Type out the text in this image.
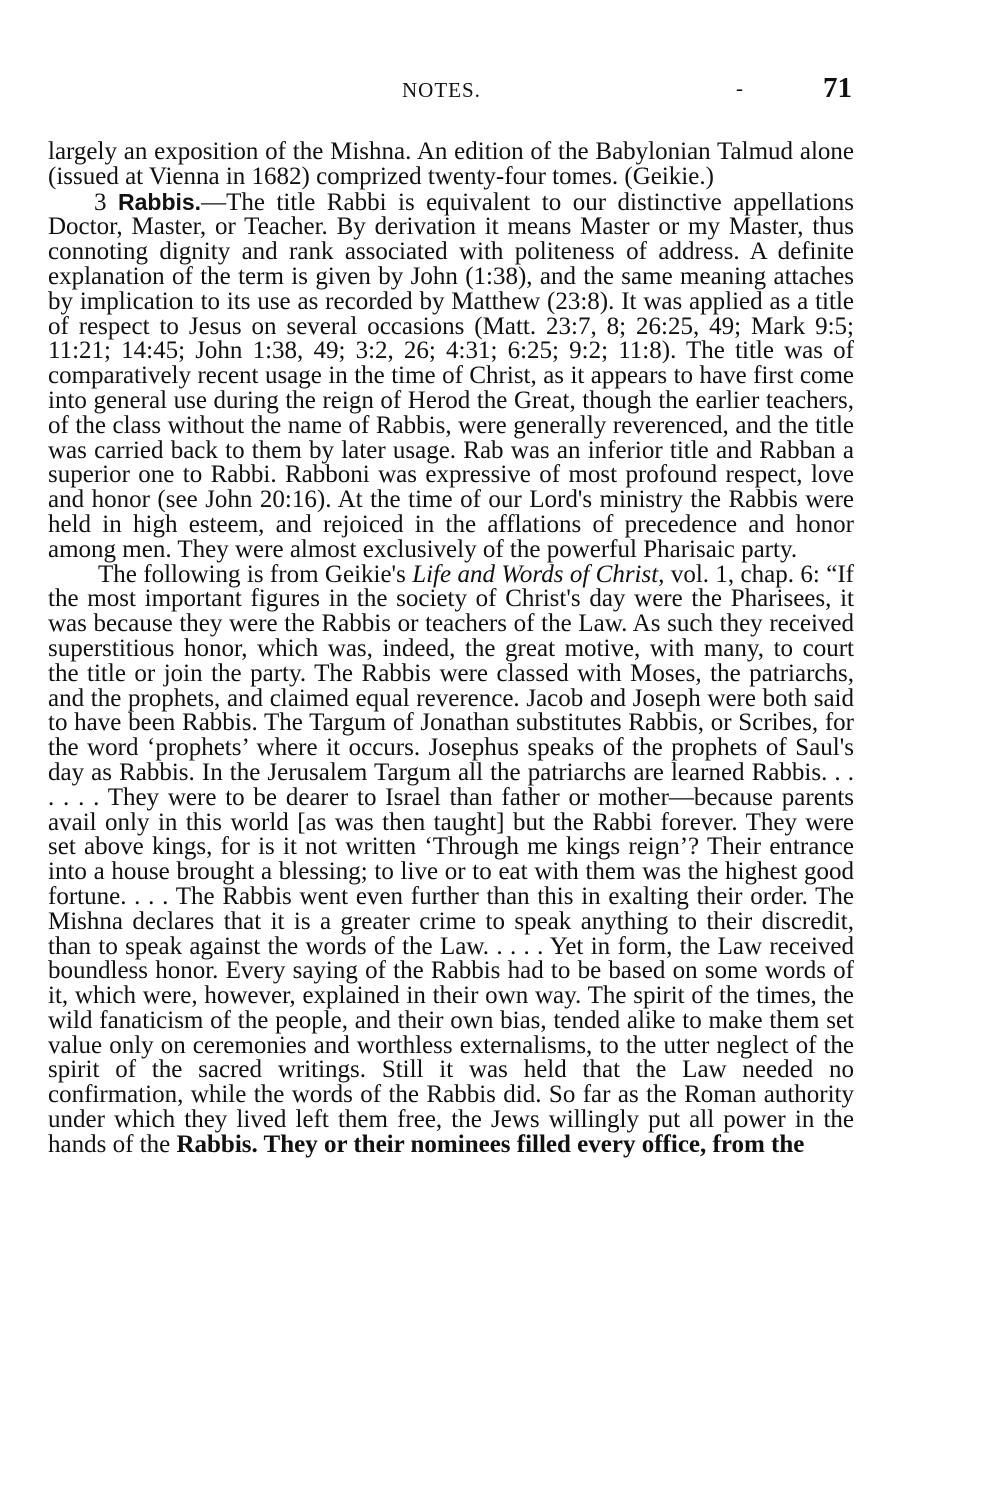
NOTES.	-	71

largely an exposition of the Mishna. An edition of the Babylonian Talmud alone (issued at Vienna in 1682) comprized twenty-four tomes. (Geikie.)

3 Rabbis.—The title Rabbi is equivalent to our distinctive appellations Doctor, Master, or Teacher. By derivation it means Master or my Master, thus connoting dignity and rank associated with politeness of address. A definite explanation of the term is given by John (1:38), and the same meaning attaches by implication to its use as recorded by Matthew (23:8). It was applied as a title of respect to Jesus on several occasions (Matt. 23:7, 8; 26:25, 49; Mark 9:5; 11:21; 14:45; John 1:38, 49; 3:2, 26; 4:31; 6:25; 9:2; 11:8). The title was of comparatively recent usage in the time of Christ, as it appears to have first come into general use during the reign of Herod the Great, though the earlier teachers, of the class without the name of Rabbis, were generally reverenced, and the title was carried back to them by later usage. Rab was an inferior title and Rabban a superior one to Rabbi. Rabboni was expressive of most profound respect, love and honor (see John 20:16). At the time of our Lord's ministry the Rabbis were held in high esteem, and rejoiced in the afflations of precedence and honor among men. They were almost exclusively of the powerful Pharisaic party.

The following is from Geikie's Life and Words of Christ, vol. 1, chap. 6: “If the most important figures in the society of Christ's day were the Pharisees, it was because they were the Rabbis or teachers of the Law. As such they received superstitious honor, which was, indeed, the great motive, with many, to court the title or join the party. The Rabbis were classed with Moses, the patriarchs, and the prophets, and claimed equal reverence. Jacob and Joseph were both said to have been Rabbis. The Targum of Jonathan substitutes Rabbis, or Scribes, for the word ‘prophets’ where it occurs. Josephus speaks of the prophets of Saul's day as Rabbis. In the Jerusalem Targum all the patriarchs are learned Rabbis. . . . . . . They were to be dearer to Israel than father or mother—because parents avail only in this world [as was then taught] but the Rabbi forever. They were set above kings, for is it not written ‘Through me kings reign’? Their entrance into a house brought a blessing; to live or to eat with them was the highest good fortune. . . . The Rabbis went even further than this in exalting their order. The Mishna declares that it is a greater crime to speak anything to their discredit, than to speak against the words of the Law. . . . . Yet in form, the Law received boundless honor. Every saying of the Rabbis had to be based on some words of it, which were, however, explained in their own way. The spirit of the times, the wild fanaticism of the people, and their own bias, tended alike to make them set value only on ceremonies and worthless externalisms, to the utter neglect of the spirit of the sacred writings. Still it was held that the Law needed no confirmation, while the words of the Rabbis did. So far as the Roman authority under which they lived left them free, the Jews willingly put all power in the hands of the Rabbis. They or their nominees filled every office, from the
